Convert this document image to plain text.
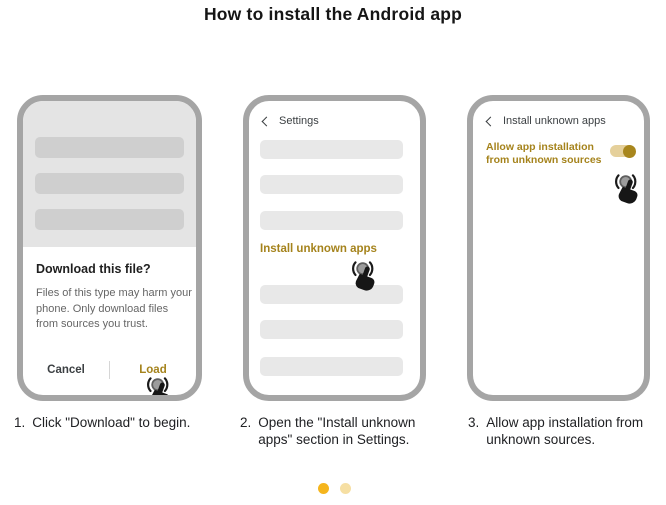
How to install the Android app
Download this file?
Files of this type may harm your phone. Only download files from sources you trust.
Cancel	Load
Settings
Install unknown apps
Install unknown apps
Allow app installation from unknown sources
1. Click "Download" to begin.	2. Open the "Install unknown apps" section in Settings.
3. Allow app installation from unknown sources.
